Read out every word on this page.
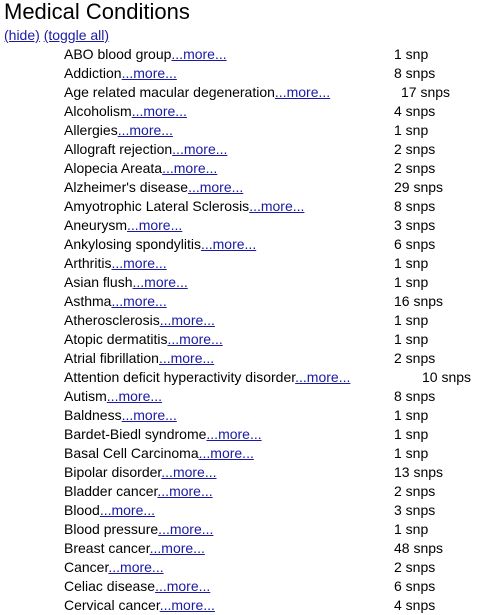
Medical Conditions
(hide) (toggle all)
ABO blood group...more...	1 snp
Addiction...more...	8 snps
Age related macular degeneration...more...	17 snps
Alcoholism...more...	4 snps
Allergies...more...	1 snp
Allograft rejection...more...	2 snps
Alopecia Areata...more...	2 snps
Alzheimer's disease...more...	29 snps
Amyotrophic Lateral Sclerosis...more...	8 snps
Aneurysm...more...	3 snps
Ankylosing spondylitis...more...	6 snps
Arthritis...more...	1 snp
Asian flush...more...	1 snp
Asthma...more...	16 snps
Atherosclerosis...more...	1 snp
Atopic dermatitis...more...	1 snp
Atrial fibrillation...more...	2 snps
Attention deficit hyperactivity disorder...more...	10 snps
Autism...more...	8 snps
Baldness...more...	1 snp
Bardet-Biedl syndrome...more...	1 snp
Basal Cell Carcinoma...more...	1 snp
Bipolar disorder...more...	13 snps
Bladder cancer...more...	2 snps
Blood...more...	3 snps
Blood pressure...more...	1 snp
Breast cancer...more...	48 snps
Cancer...more...	2 snps
Celiac disease...more...	6 snps
Cervical cancer...more...	4 snps
